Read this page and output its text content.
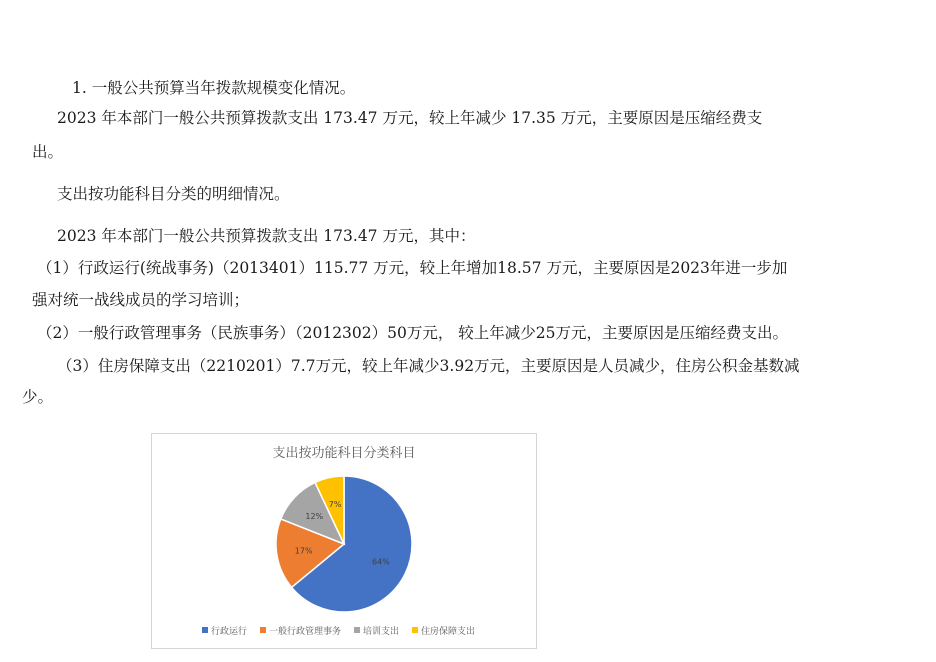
1. 一般公共预算当年拨款规模变化情况。
2023 年本部门一般公共预算拨款支出 173.47 万元，较上年减少 17.35 万元，主要原因是压缩经费支
出。
支出按功能科目分类的明细情况。
2023 年本部门一般公共预算拨款支出 173.47 万元，其中：
（1）行政运行(统战事务)（2013401）115.77 万元，较上年增加18.57 万元，主要原因是2023年进一步加
强对统一战线成员的学习培训；
（2）一般行政管理事务（民族事务）（2012302）50万元， 较上年减少25万元，主要原因是压缩经费支出。
（3）住房保障支出（2210201）7.7万元，较上年减少3.92万元，主要原因是人员减少，住房公积金基数减
少。
支出按功能科目分类科目
64%
17%
12%
7%
行政运行 一般行政管理事务 培训支出 住房保障支出
